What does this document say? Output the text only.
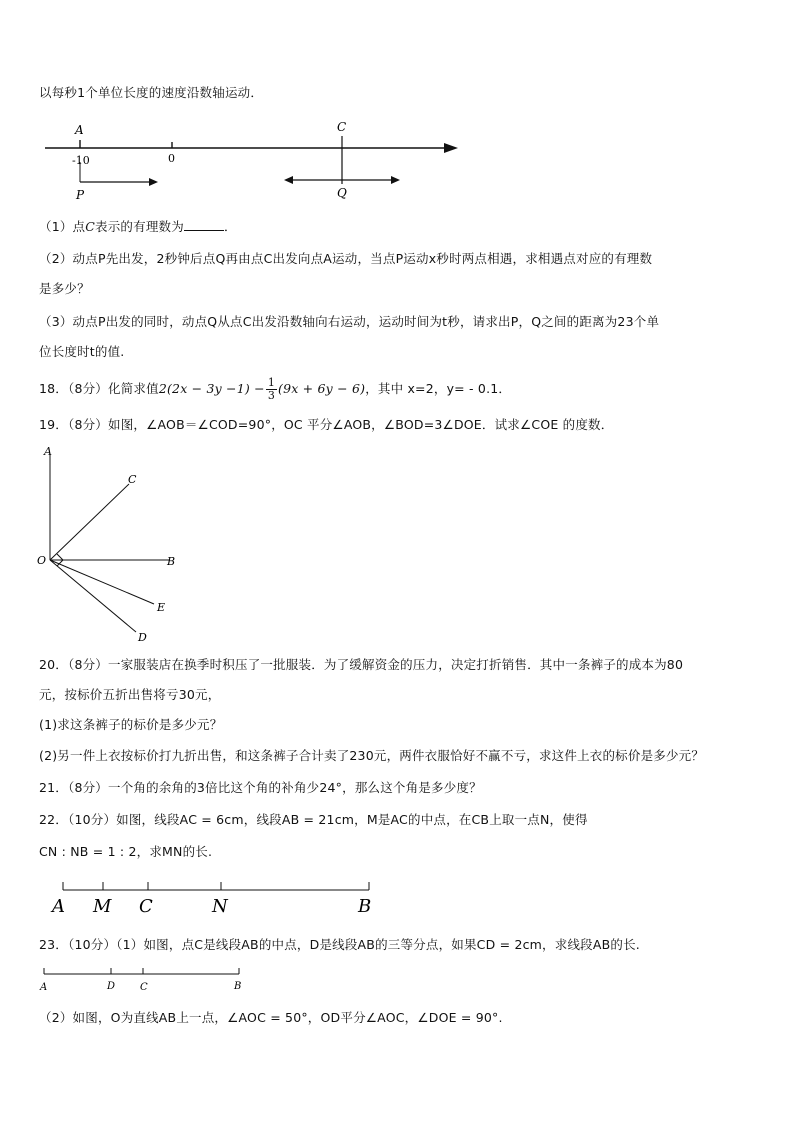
以每秒1个单位长度的速度沿数轴运动．
A	C
-10	0
P	Q
（1）点C表示的有理数为	．
（2）动点P先出发，2秒钟后点Q再由点C出发向点A运动，当点P运动x秒时两点相遇，求相遇点对应的有理数
是多少？
（3）动点P出发的同时，动点Q从点C出发沿数轴向右运动，运动时间为t秒，请求出P，Q之间的距离为23个单
位长度时t的值.
18．（8分）化简求值$2(2x - 3y -1) - \frac{1}{3} (9x + 6y - 6)$，其中 x=2，y= - 0.1．
19．（8分）如图，∠AOB＝∠COD=90°，OC 平分∠AOB，∠BOD=3∠DOE．试求∠COE 的度数．
A
C
O	B
E
D
20．（8分）一家服装店在换季时积压了一批服装．为了缓解资金的压力，决定打折销售．其中一条裤子的成本为80
元，按标价五折出售将亏30元，
(1)求这条裤子的标价是多少元？
(2)另一件上衣按标价打九折出售，和这条裤子合计卖了230元，两件衣服恰好不赢不亏，求这件上衣的标价是多少元？
21．（8分）一个角的余角的3倍比这个角的补角少24°，那么这个角是多少度？
22．（10分）如图，线段AC = 6cm，线段AB = 21cm，M是AC的中点，在CB上取一点N，使得
CN : NB = 1 : 2，求MN的长.
A M C	N	B
23．（10分）（1）如图，点C是线段AB的中点，D是线段AB的三等分点，如果CD = 2cm，求线段AB的长.
A	D C	B
（2）如图，O为直线AB上一点，∠AOC = 50°，OD平分∠AOC，∠DOE = 90°.
